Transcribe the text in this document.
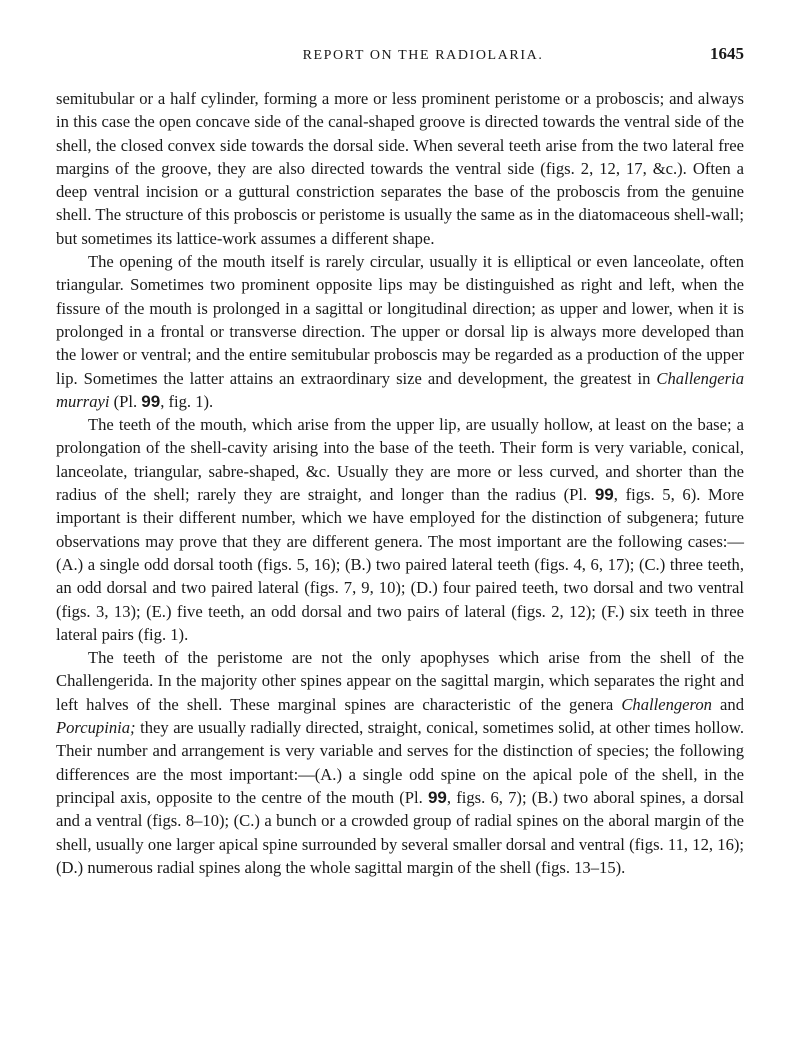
REPORT ON THE RADIOLARIA.	1645

semitubular or a half cylinder, forming a more or less prominent peristome or a proboscis; and always in this case the open concave side of the canal-shaped groove is directed towards the ventral side of the shell, the closed convex side towards the dorsal side. When several teeth arise from the two lateral free margins of the groove, they are also directed towards the ventral side (figs. 2, 12, 17, &c.). Often a deep ventral incision or a guttural constriction separates the base of the proboscis from the genuine shell. The structure of this proboscis or peristome is usually the same as in the diatomaceous shell-wall; but sometimes its lattice-work assumes a different shape.

The opening of the mouth itself is rarely circular, usually it is elliptical or even lanceolate, often triangular. Sometimes two prominent opposite lips may be distinguished as right and left, when the fissure of the mouth is prolonged in a sagittal or longitudinal direction; as upper and lower, when it is prolonged in a frontal or transverse direction. The upper or dorsal lip is always more developed than the lower or ventral; and the entire semitubular proboscis may be regarded as a production of the upper lip. Sometimes the latter attains an extraordinary size and development, the greatest in Challengeria murrayi (Pl. 99, fig. 1).

The teeth of the mouth, which arise from the upper lip, are usually hollow, at least on the base; a prolongation of the shell-cavity arising into the base of the teeth. Their form is very variable, conical, lanceolate, triangular, sabre-shaped, &c. Usually they are more or less curved, and shorter than the radius of the shell; rarely they are straight, and longer than the radius (Pl. 99, figs. 5, 6). More important is their different number, which we have employed for the distinction of subgenera; future observations may prove that they are different genera. The most important are the following cases:—(A.) a single odd dorsal tooth (figs. 5, 16); (B.) two paired lateral teeth (figs. 4, 6, 17); (C.) three teeth, an odd dorsal and two paired lateral (figs. 7, 9, 10); (D.) four paired teeth, two dorsal and two ventral (figs. 3, 13); (E.) five teeth, an odd dorsal and two pairs of lateral (figs. 2, 12); (F.) six teeth in three lateral pairs (fig. 1).

The teeth of the peristome are not the only apophyses which arise from the shell of the Challengerida. In the majority other spines appear on the sagittal margin, which separates the right and left halves of the shell. These marginal spines are characteristic of the genera Challengeron and Porcupinia; they are usually radially directed, straight, conical, sometimes solid, at other times hollow. Their number and arrangement is very variable and serves for the distinction of species; the following differences are the most important:—(A.) a single odd spine on the apical pole of the shell, in the principal axis, opposite to the centre of the mouth (Pl. 99, figs. 6, 7); (B.) two aboral spines, a dorsal and a ventral (figs. 8–10); (C.) a bunch or a crowded group of radial spines on the aboral margin of the shell, usually one larger apical spine surrounded by several smaller dorsal and ventral (figs. 11, 12, 16); (D.) numerous radial spines along the whole sagittal margin of the shell (figs. 13–15).
